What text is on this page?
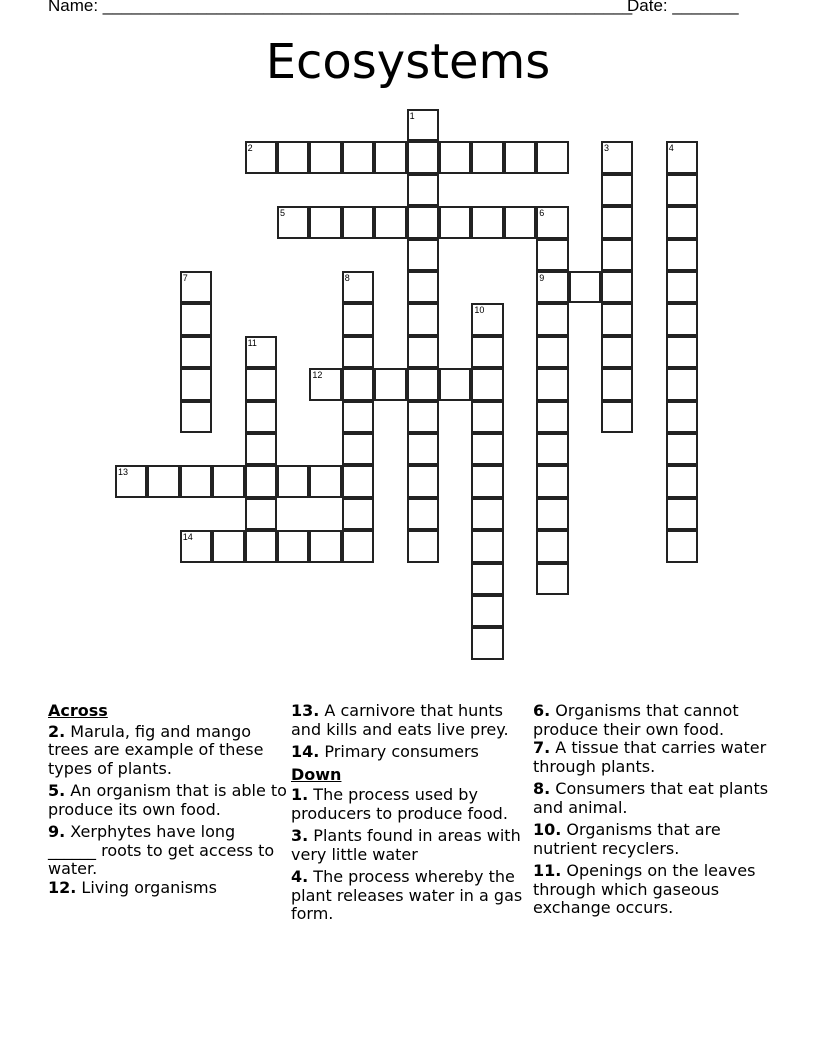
Name: ________________________________________________________
Date: _______
Ecosystems
1
2	3	4
5	6
9
7	8
10
11
12
13
14
Across
2. Marula, fig and mango trees are example of these types of plants.
5. An organism that is able to produce its own food.
9. Xerphytes have long ______ roots to get access to water.
12. Living organisms
13. A carnivore that hunts and kills and eats live prey.
14. Primary consumers
Down
1. The process used by producers to produce food.
3. Plants found in areas with very little water
4. The process whereby the plant releases water in a gas form.
6. Organisms that cannot produce their own food.
7. A tissue that carries water through plants.
8. Consumers that eat plants and animal.
10. Organisms that are nutrient recyclers.
11. Openings on the leaves through which gaseous exchange occurs.
